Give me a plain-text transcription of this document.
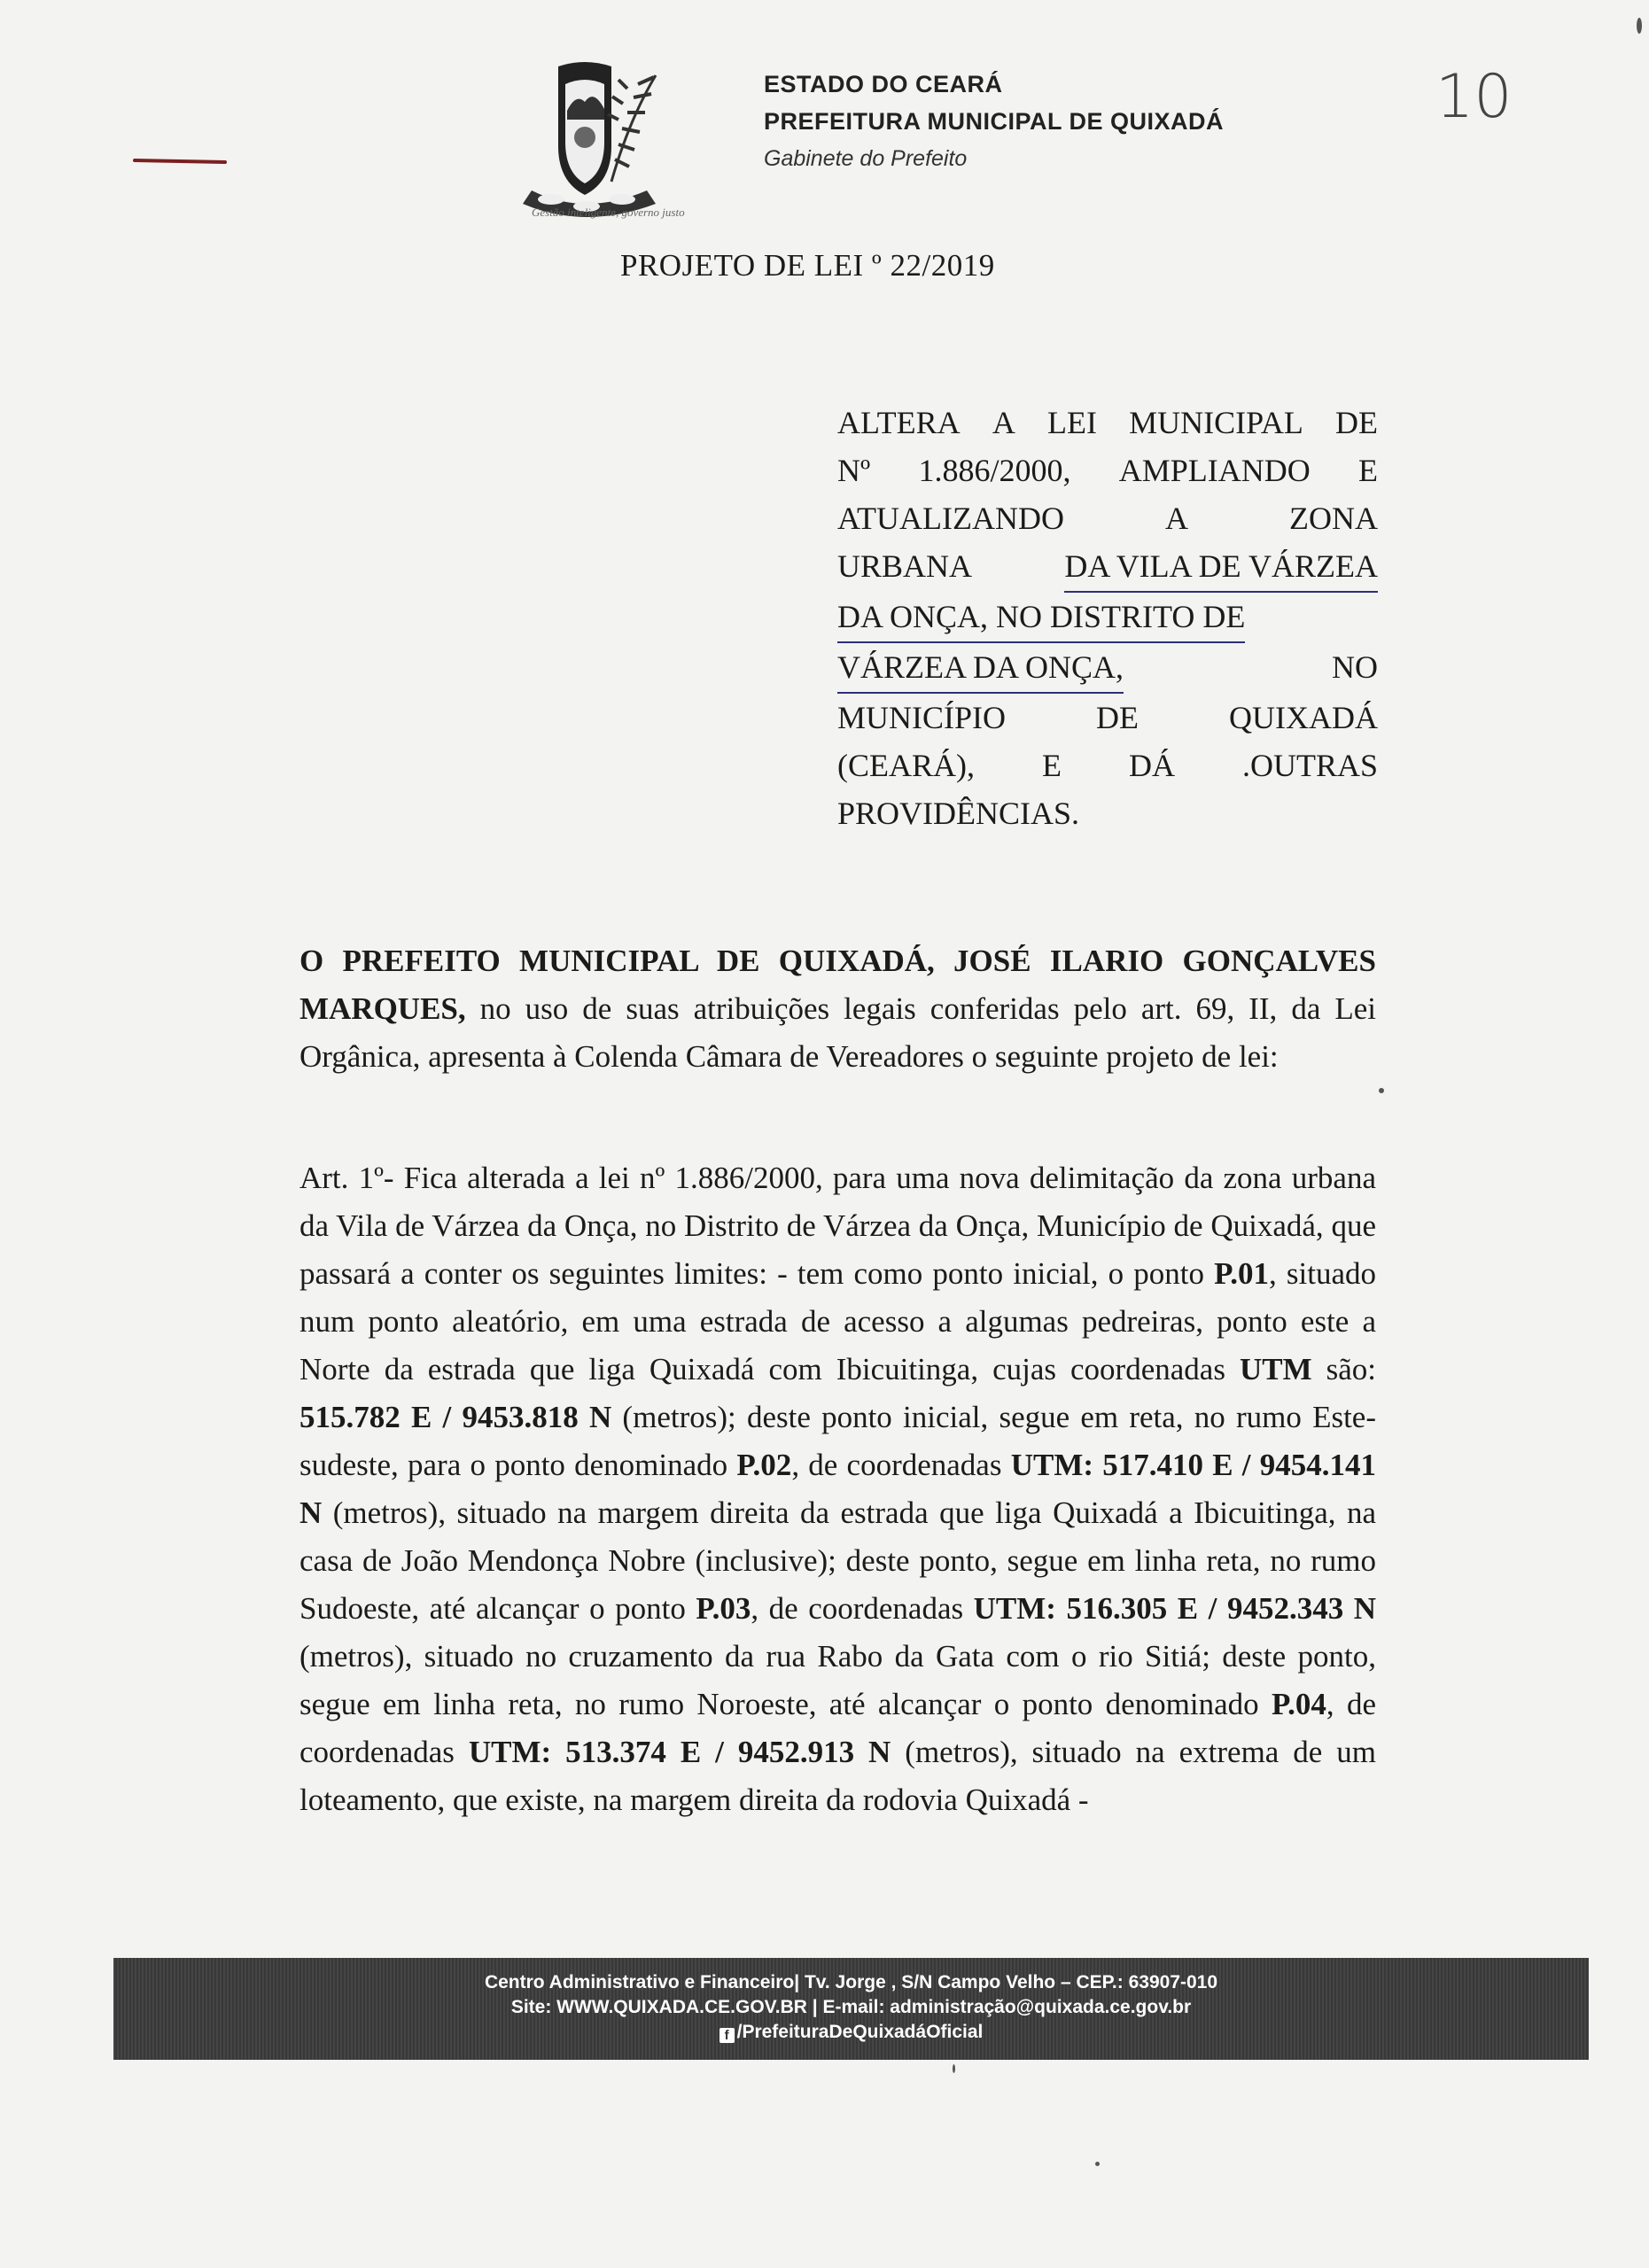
ESTADO DO CEARÁ
PREFEITURA MUNICIPAL DE QUIXADÁ
Gabinete do Prefeito
Gestão inteligente, governo justo
10
PROJETO DE LEI º 22/2019
ALTERA A LEI MUNICIPAL DE
Nº 1.886/2000, AMPLIANDO E
ATUALIZANDO	A	ZONA
URBANA	DA VILA DE VÁRZEA
DA ONÇA, NO DISTRITO DE
VÁRZEA DA ONÇA,	NO
MUNICÍPIO	DE	QUIXADÁ
(CEARÁ), E DÁ .OUTRAS
PROVIDÊNCIAS.
O PREFEITO MUNICIPAL DE QUIXADÁ, JOSÉ ILARIO GONÇALVES MARQUES, no uso de suas atribuições legais conferidas pelo art. 69, II, da Lei Orgânica, apresenta à Colenda Câmara de Vereadores o seguinte projeto de lei:
Art. 1º- Fica alterada a lei nº 1.886/2000, para uma nova delimitação da zona urbana da Vila de Várzea da Onça, no Distrito de Várzea da Onça, Município de Quixadá, que passará a conter os seguintes limites: - tem como ponto inicial, o ponto P.01, situado num ponto aleatório, em uma estrada de acesso a algumas pedreiras, ponto este a Norte da estrada que liga Quixadá com Ibicuitinga, cujas coordenadas UTM são: 515.782 E / 9453.818 N (metros); deste ponto inicial, segue em reta, no rumo Este-sudeste, para o ponto denominado P.02, de coordenadas UTM: 517.410 E / 9454.141 N (metros), situado na margem direita da estrada que liga Quixadá a Ibicuitinga, na casa de João Mendonça Nobre (inclusive); deste ponto, segue em linha reta, no rumo Sudoeste, até alcançar o ponto P.03, de coordenadas UTM: 516.305 E / 9452.343 N (metros), situado no cruzamento da rua Rabo da Gata com o rio Sitiá; deste ponto, segue em linha reta, no rumo Noroeste, até alcançar o ponto denominado P.04, de coordenadas UTM: 513.374 E / 9452.913 N (metros), situado na extrema de um loteamento, que existe, na margem direita da rodovia Quixadá -
Centro Administrativo e Financeiro| Tv. Jorge , S/N Campo Velho – CEP.: 63907-010
Site: WWW.QUIXADA.CE.GOV.BR | E-mail: administração@quixada.ce.gov.br
f /PrefeituraDeQuixadáOficial
